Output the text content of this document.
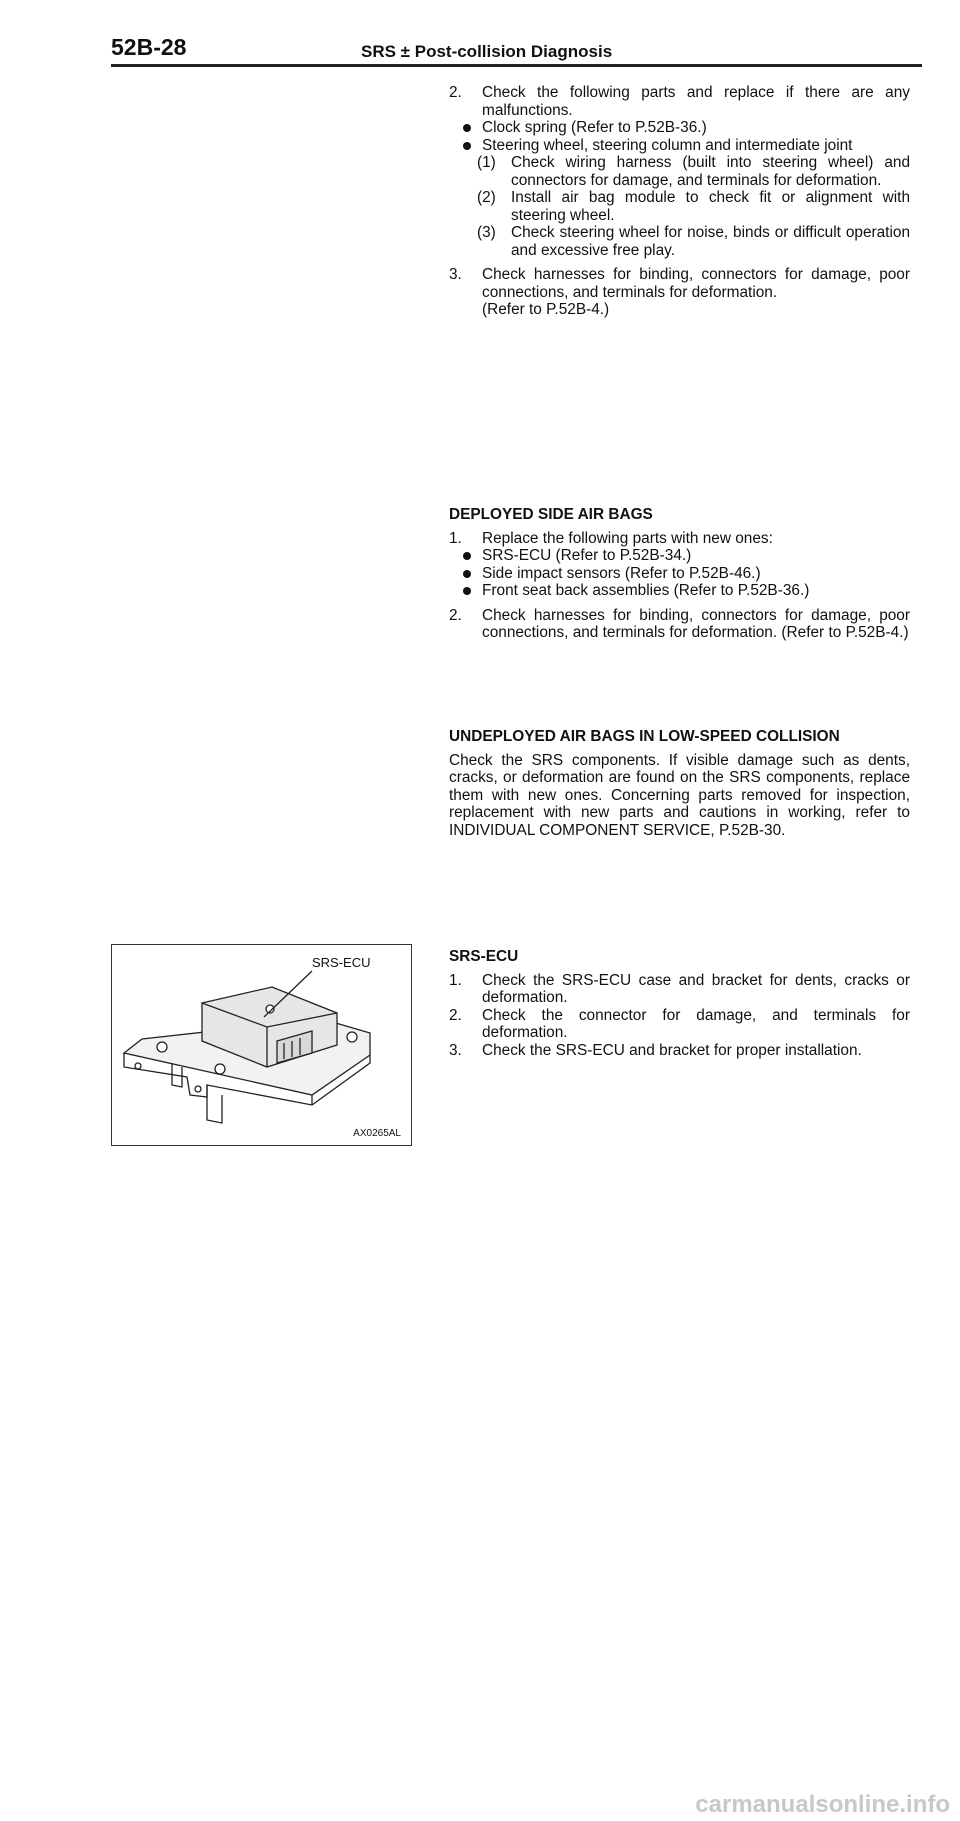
52B-28	SRS ± Post-collision Diagnosis
2. Check the following parts and replace if there are any malfunctions.
Clock spring (Refer to P.52B-36.)
Steering wheel, steering column and intermediate joint
(1) Check wiring harness (built into steering wheel) and connectors for damage, and terminals for deformation.
(2) Install air bag module to check fit or alignment with steering wheel.
(3) Check steering wheel for noise, binds or difficult operation and excessive free play.
3. Check harnesses for binding, connectors for damage, poor connections, and terminals for deformation.
(Refer to P.52B-4.)
DEPLOYED SIDE AIR BAGS
1. Replace the following parts with new ones:
SRS-ECU (Refer to P.52B-34.)
Side impact sensors (Refer to P.52B-46.)
Front seat back assemblies (Refer to P.52B-36.)
2. Check harnesses for binding, connectors for damage, poor connections, and terminals for deformation. (Refer to P.52B-4.)
UNDEPLOYED AIR BAGS IN LOW-SPEED COLLISION

Check the SRS components. If visible damage such as dents, cracks, or deformation are found on the SRS components, replace them with new ones. Concerning parts removed for inspection, replacement with new parts and cautions in working, refer to INDIVIDUAL COMPONENT SERVICE, P.52B-30.

SRS-ECU
1. Check the SRS-ECU case and bracket for dents, cracks or deformation.
2. Check the connector for damage, and terminals for deformation.
3. Check the SRS-ECU and bracket for proper installation.
SRS-ECU
AX0265AL
carmanualsonline.info
